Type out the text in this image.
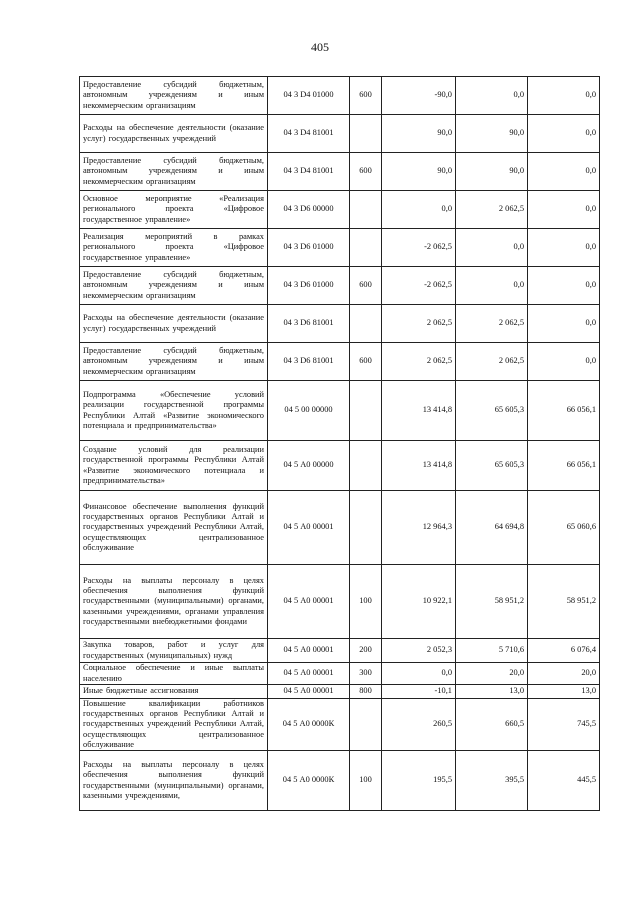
405
Предоставление субсидий бюджетным, автономным учреждениям и иным некоммерческим организациям	04 3 D4 01000	600	-90,0	0,0	0,0
Расходы на обеспечение деятельности (оказание услуг) государственных учреждений	04 3 D4 81001		90,0	90,0	0,0
Предоставление субсидий бюджетным, автономным учреждениям и иным некоммерческим организациям	04 3 D4 81001	600	90,0	90,0	0,0
Основное мероприятие «Реализация регионального проекта «Цифровое государственное управление»	04 3 D6 00000		0,0	2 062,5	0,0
Реализация мероприятий в рамках регионального проекта «Цифровое государственное управление»	04 3 D6 01000		-2 062,5	0,0	0,0
Предоставление субсидий бюджетным, автономным учреждениям и иным некоммерческим организациям	04 3 D6 01000	600	-2 062,5	0,0	0,0
Расходы на обеспечение деятельности (оказание услуг) государственных учреждений	04 3 D6 81001		2 062,5	2 062,5	0,0
Предоставление субсидий бюджетным, автономным учреждениям и иным некоммерческим организациям	04 3 D6 81001	600	2 062,5	2 062,5	0,0
Подпрограмма «Обеспечение условий реализации государственной программы Республики Алтай «Развитие экономического потенциала и предпринимательства»	04 5 00 00000		13 414,8	65 605,3	66 056,1
Создание условий для реализации государственной программы Республики Алтай «Развитие экономического потенциала и предпринимательства»	04 5 А0 00000		13 414,8	65 605,3	66 056,1
Финансовое обеспечение выполнения функций государственных органов Республики Алтай и государственных учреждений Республики Алтай, осуществляющих централизованное обслуживание	04 5 А0 00001		12 964,3	64 694,8	65 060,6
Расходы на выплаты персоналу в целях обеспечения выполнения функций государственными (муниципальными) органами, казенными учреждениями, органами управления государственными внебюджетными фондами	04 5 А0 00001	100	10 922,1	58 951,2	58 951,2
Закупка товаров, работ и услуг для государственных (муниципальных) нужд	04 5 А0 00001	200	2 052,3	5 710,6	6 076,4
Социальное обеспечение и иные выплаты населению	04 5 А0 00001	300	0,0	20,0	20,0
Иные бюджетные ассигнования	04 5 А0 00001	800	-10,1	13,0	13,0
Повышение квалификации работников государственных органов Республики Алтай и государственных учреждений Республики Алтай, осуществляющих централизованное обслуживание	04 5 А0 0000К		260,5	660,5	745,5
Расходы на выплаты персоналу в целях обеспечения выполнения функций государственными (муниципальными) органами, казенными учреждениями,	04 5 А0 0000К	100	195,5	395,5	445,5
